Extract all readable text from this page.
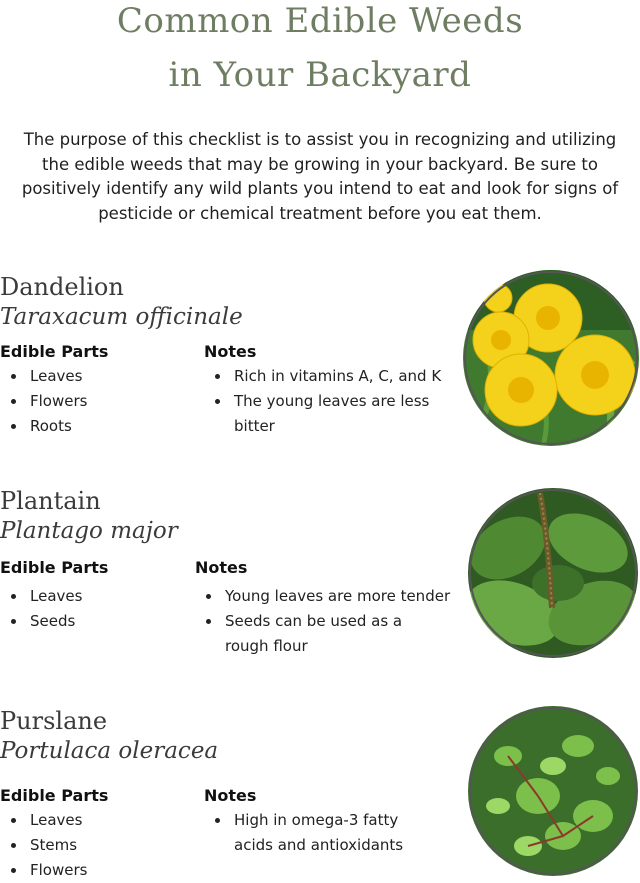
Common Edible Weeds
in Your Backyard
The purpose of this checklist is to assist you in recognizing and utilizing the edible weeds that may be growing in your backyard. Be sure to positively identify any wild plants you intend to eat and look for signs of pesticide or chemical treatment before you eat them.
Dandelion
Taraxacum officinale
Edible Parts	Notes
Leaves
Flowers
Roots
Rich in vitamins A, C, and K
The young leaves are less bitter
Plantain
Plantago major
Edible Parts	Notes
Leaves
Seeds
Young leaves are more tender
Seeds can be used as a rough flour
Purslane
Portulaca oleracea
Edible Parts	Notes
Leaves
Stems
Flowers
High in omega-3 fatty acids and antioxidants
